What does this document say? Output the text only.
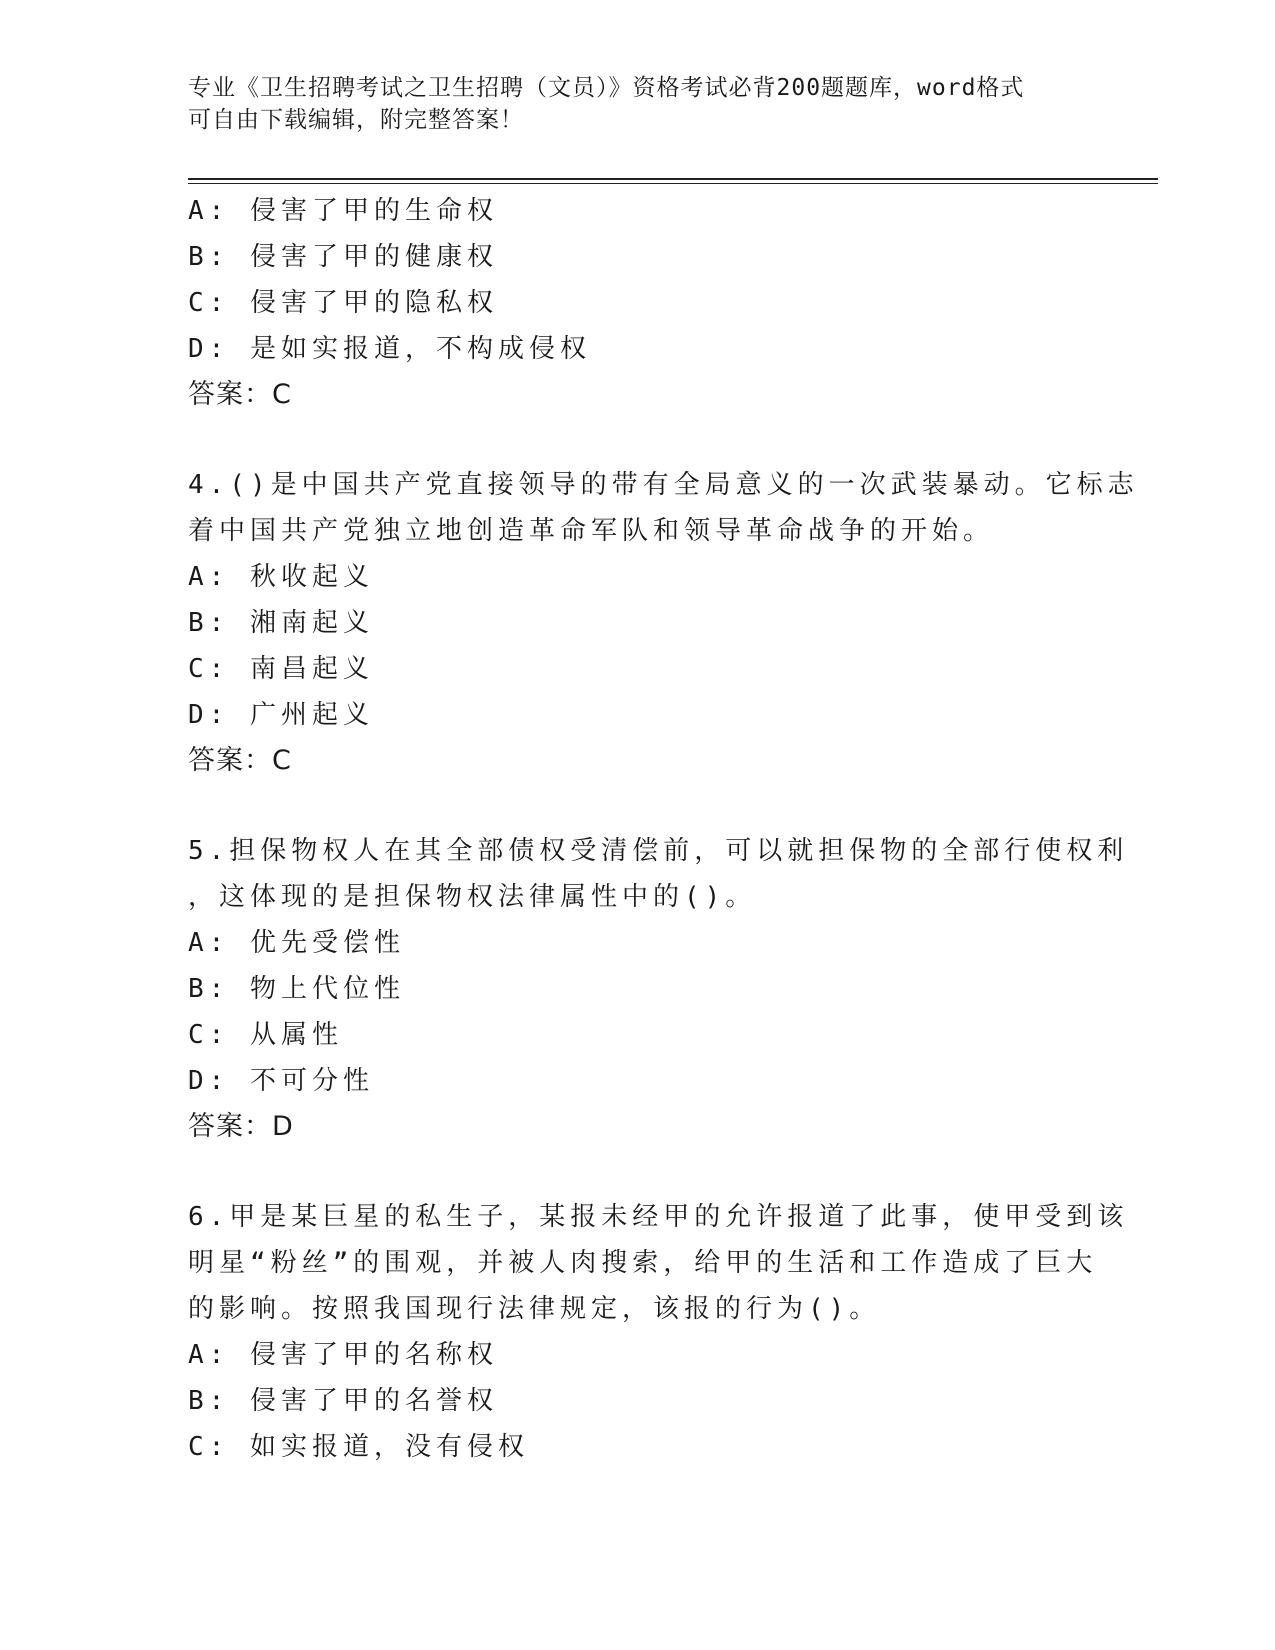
专业《卫生招聘考试之卫生招聘（文员）》资格考试必背200题题库，word格式
可自由下载编辑，附完整答案！
A: 侵害了甲的生命权
B: 侵害了甲的健康权
C: 侵害了甲的隐私权
D: 是如实报道，不构成侵权
答案：C
4.()是中国共产党直接领导的带有全局意义的一次武装暴动。它标志
着中国共产党独立地创造革命军队和领导革命战争的开始。
A: 秋收起义
B: 湘南起义
C: 南昌起义
D: 广州起义
答案：C
5.担保物权人在其全部债权受清偿前，可以就担保物的全部行使权利
，这体现的是担保物权法律属性中的()。
A: 优先受偿性
B: 物上代位性
C: 从属性
D: 不可分性
答案：D
6.甲是某巨星的私生子，某报未经甲的允许报道了此事，使甲受到该
明星“粉丝”的围观，并被人肉搜索，给甲的生活和工作造成了巨大
的影响。按照我国现行法律规定，该报的行为()。
A: 侵害了甲的名称权
B: 侵害了甲的名誉权
C: 如实报道，没有侵权
